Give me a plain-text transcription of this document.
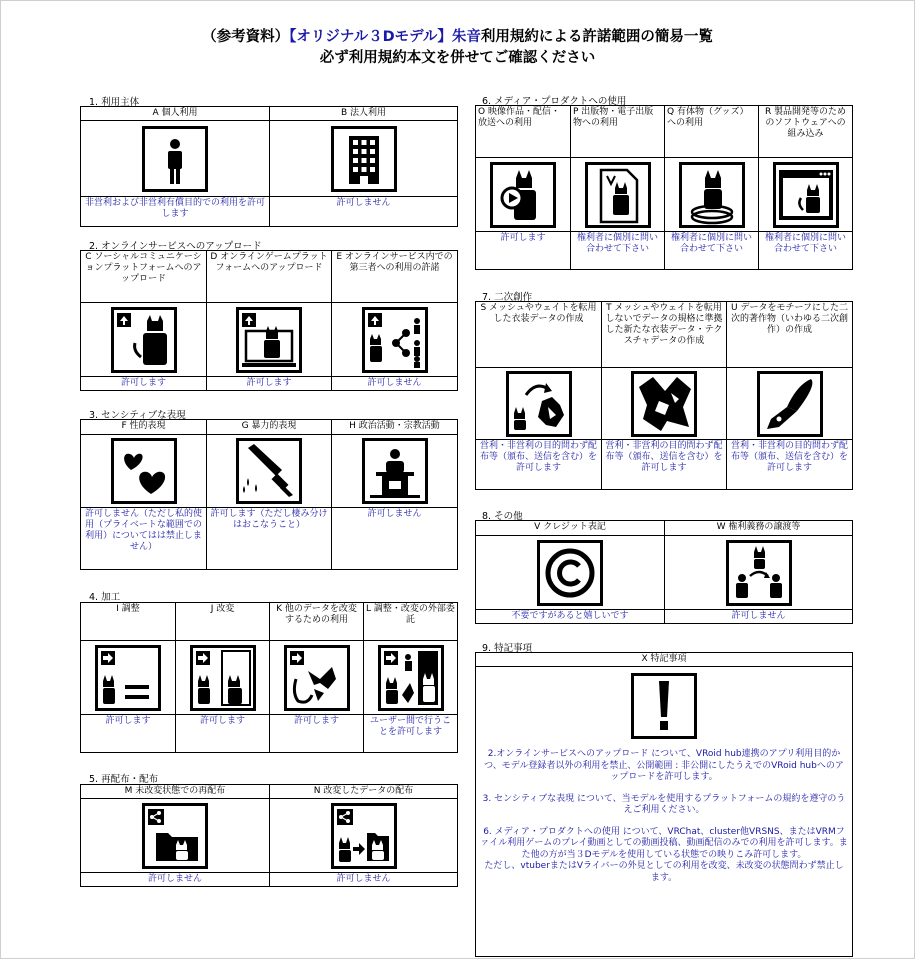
（参考資料）【オリジナル３Dモデル】朱音利用規約による許諾範囲の簡易一覧
必ず利用規約本文を併せてご確認ください
1. 利用主体
A 個人利用	B 法人利用

非営利および非営利有償目的での利用を許可します	許可しません
2. オンラインサービスへのアップロード
C ソーシャルコミュニケーションプラットフォームへのアップロード	D オンラインゲームプラットフォームへのアップロード	E オンラインサービス内での第三者への利用の許諾

許可します	許可します	許可しません
3. センシティブな表現
F 性的表現	G 暴力的表現	H 政治活動・宗教活動

許可しません（ただし私的使用（プライベートな範囲での利用）についてはは禁止しません）	許可します（ただし棲み分けはおこなうこと）	許可しません
4. 加工
I 調整	J 改変	K 他のデータを改変するための利用	L 調整・改変の外部委託

許可します	許可します	許可します	ユーザー間で行うことを許可します
5. 再配布・配布
M 未改変状態での再配布	N 改変したデータの配布

許可しません	許可しません
6. メディア・プロダクトへの使用
O 映像作品・配信・放送への利用	P 出版物・電子出版物への利用	Q 有体物（グッズ）への利用	R 製品開発等のためのソフトウェアへの組み込み

許可します	権利者に個別に問い合わせて下さい	権利者に個別に問い合わせて下さい	権利者に個別に問い合わせて下さい
7. 二次創作
S メッシュやウェイトを転用した衣装データの作成	T メッシュやウェイトを転用しないでデータの規格に準拠した新たな衣装データ・テクスチャデータの作成	U データをモチーフにした二次的著作物（いわゆる二次創作）の作成

営利・非営利の目的問わず配布等（頒布、送信を含む）を許可します	営利・非営利の目的問わず配布等（頒布、送信を含む）を許可します	営利・非営利の目的問わず配布等（頒布、送信を含む）を許可します
8. その他
V クレジット表記	W 権利義務の譲渡等

不要ですがあると嬉しいです	許可しません
9. 特記事項
X 特記事項

2.オンラインサービスへのアップロード について、VRoid hub連携のアプリ利用目的かつ、モデル登録者以外の利用を禁止、公開範囲 : 非公開にしたうえでのVRoid hubへのアップロードを許可します。

3. センシティブな表現 について、当モデルを使用するプラットフォームの規約を遵守のうえご利用ください。

6. メディア・プロダクトへの使用 について、VRChat、cluster他VRSNS、またはVRMファイル利用ゲームのプレイ動画としての動画投稿、動画配信のみでの利用を許可します。また他の方が当３Dモデルを使用している状態での映りこみ許可します。

ただし、vtuberまたはVライバーの外見としての利用を改変、未改変の状態問わず禁止します。
